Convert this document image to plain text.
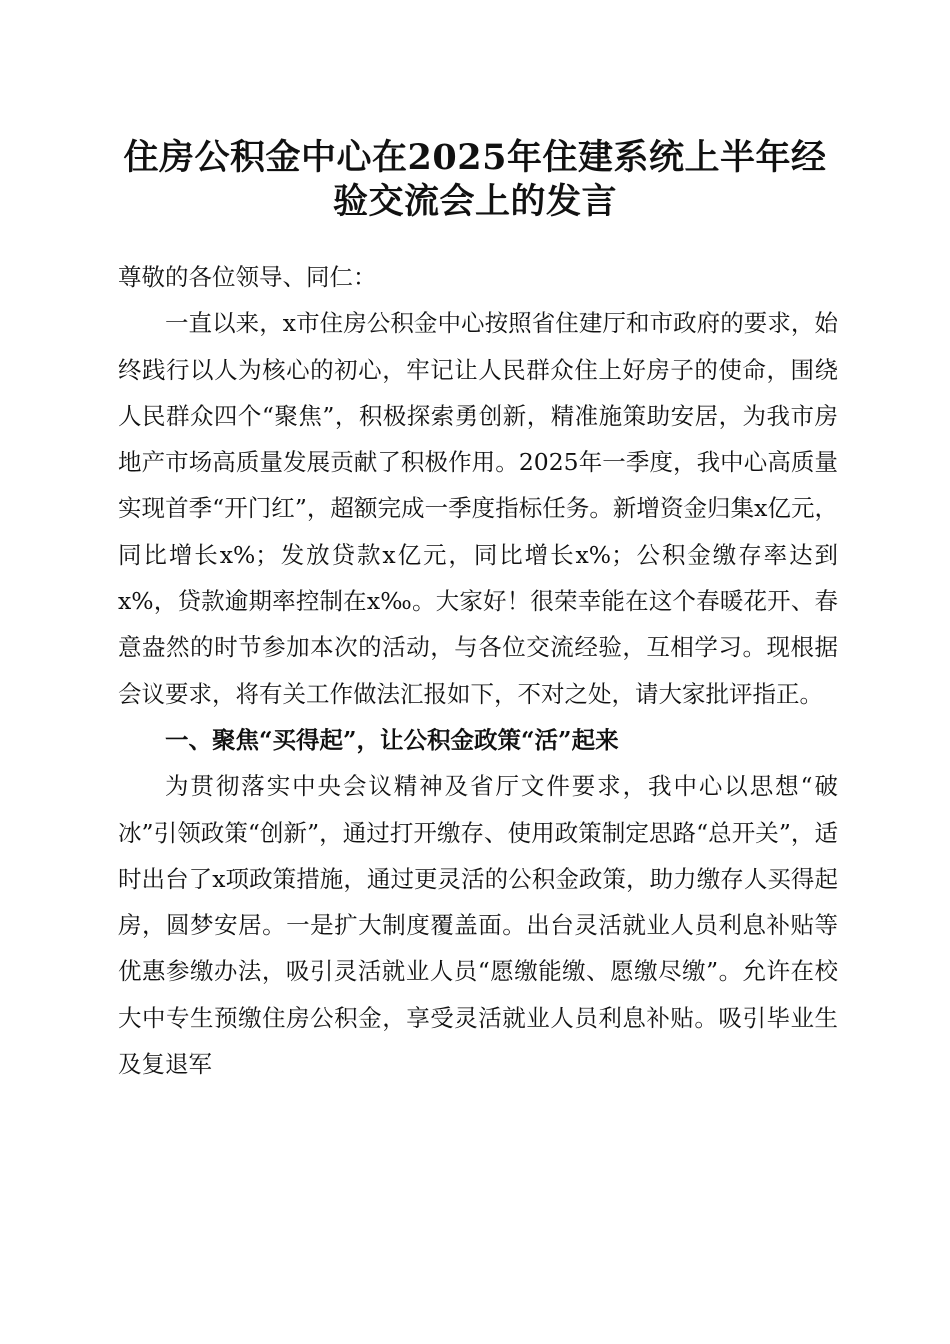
住房公积金中心在2025年住建系统上半年经
验交流会上的发言

尊敬的各位领导、同仁：

一直以来，x市住房公积金中心按照省住建厅和市政府的要求，始终践行以人为核心的初心，牢记让人民群众住上好房子的使命，围绕人民群众四个“聚焦”，积极探索勇创新，精准施策助安居，为我市房地产市场高质量发展贡献了积极作用。2025年一季度，我中心高质量实现首季“开门红”，超额完成一季度指标任务。新增资金归集x亿元，同比增长x%；发放贷款x亿元，同比增长x%；公积金缴存率达到x%，贷款逾期率控制在x‰。大家好！很荣幸能在这个春暖花开、春意盎然的时节参加本次的活动，与各位交流经验，互相学习。现根据会议要求，将有关工作做法汇报如下，不对之处，请大家批评指正。

一、聚焦“买得起”，让公积金政策“活”起来

为贯彻落实中央会议精神及省厅文件要求，我中心以思想“破冰”引领政策“创新”，通过打开缴存、使用政策制定思路“总开关”，适时出台了x项政策措施，通过更灵活的公积金政策，助力缴存人买得起房，圆梦安居。一是扩大制度覆盖面。出台灵活就业人员利息补贴等优惠参缴办法，吸引灵活就业人员“愿缴能缴、愿缴尽缴”。允许在校大中专生预缴住房公积金，享受灵活就业人员利息补贴。吸引毕业生及复退军
